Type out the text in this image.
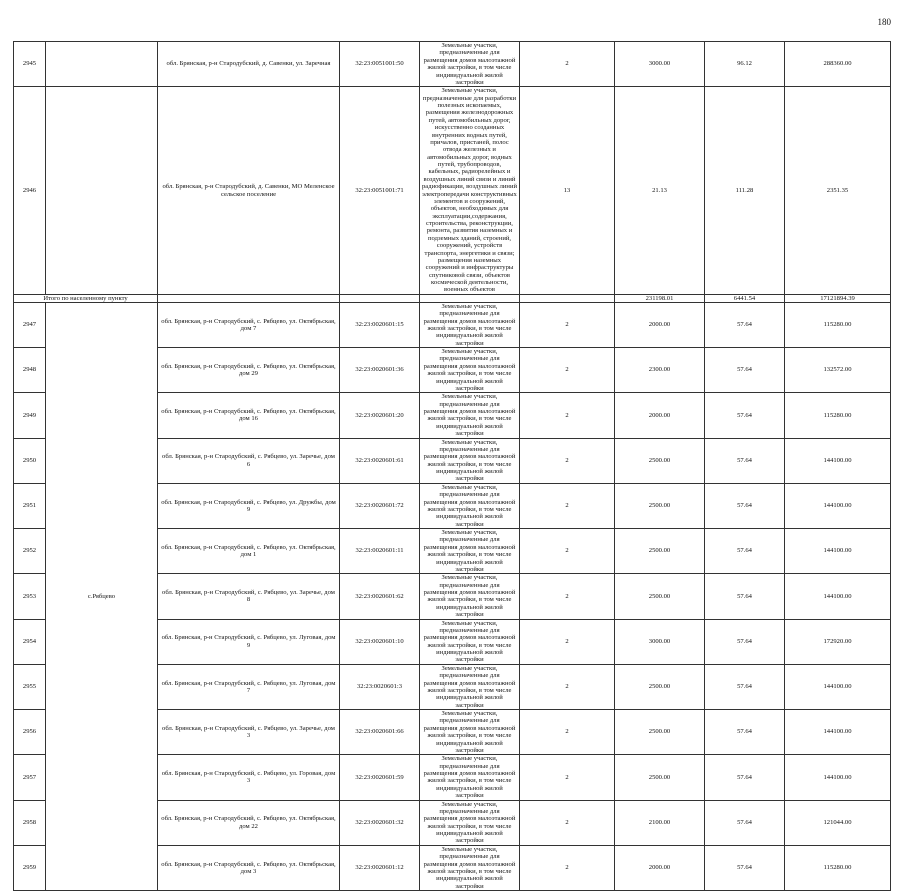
180
2945		обл. Брянская, р-н Стародубский, д. Савенки, ул. Заречная	32:23:0051001:50	Земельные участки, предназначенные для размещения домов малоэтажной жилой застройки, в том числе индивидуальной жилой застройки	2	3000.00	96.12	288360.00
2946		обл. Брянская, р-н Стародубский, д. Савенки, МО Меленское сельское поселение	32:23:0051001:71	Земельные участки, предназначенные для разработки полезных ископаемых, размещения железнодорожных путей, автомобильных дорог, искусственно созданных внутренних водных путей, причалов, пристаней, полос отвода железных и автомобильных дорог, водных путей, трубопроводов, кабельных, радиорелейных и воздушных линий связи и линий радиофикации, воздушных линий электропередачи конструктивных элементов и сооружений, объектов, необходимых для эксплуатации,содержания, строительства, реконструкции, ремонта, развития наземных и подземных зданий, строений, сооружений, устройств транспорта, энергетики и связи; размещения наземных сооружений и инфраструктуры спутниковой связи, объектов космической деятельности, военных объектов	13	21.13	111.28	2351.35
Итого по населенному пункту						231198.01	6441.54	17121894.39
2947	с.Рябцево	обл. Брянская, р-н Стародубский, с. Рябцево, ул. Октябрьская, дом 7	32:23:0020601:15	Земельные участки, предназначенные для размещения домов малоэтажной жилой застройки, в том числе индивидуальной жилой застройки	2	2000.00	57.64	115280.00
2948		обл. Брянская, р-н Стародубский, с. Рябцево, ул. Октябрьская, дом 29	32:23:0020601:36	Земельные участки, предназначенные для размещения домов малоэтажной жилой застройки, в том числе индивидуальной жилой застройки	2	2300.00	57.64	132572.00
2949		обл. Брянская, р-н Стародубский, с. Рябцево, ул. Октябрьская, дом 16	32:23:0020601:20	Земельные участки, предназначенные для размещения домов малоэтажной жилой застройки, в том числе индивидуальной жилой застройки	2	2000.00	57.64	115280.00
2950		обл. Брянская, р-н Стародубский, с. Рябцево, ул. Заречье, дом 6	32:23:0020601:61	Земельные участки, предназначенные для размещения домов малоэтажной жилой застройки, в том числе индивидуальной жилой застройки	2	2500.00	57.64	144100.00
2951		обл. Брянская, р-н Стародубский, с. Рябцево, ул. Дружбы, дом 9	32:23:0020601:72	Земельные участки, предназначенные для размещения домов малоэтажной жилой застройки, в том числе индивидуальной жилой застройки	2	2500.00	57.64	144100.00
2952		обл. Брянская, р-н Стародубский, с. Рябцево, ул. Октябрьская, дом 1	32:23:0020601:11	Земельные участки, предназначенные для размещения домов малоэтажной жилой застройки, в том числе индивидуальной жилой застройки	2	2500.00	57.64	144100.00
2953		обл. Брянская, р-н Стародубский, с. Рябцево, ул. Заречье, дом 8	32:23:0020601:62	Земельные участки, предназначенные для размещения домов малоэтажной жилой застройки, в том числе индивидуальной жилой застройки	2	2500.00	57.64	144100.00
2954		обл. Брянская, р-н Стародубский, с. Рябцево, ул. Луговая, дом 9	32:23:0020601:10	Земельные участки, предназначенные для размещения домов малоэтажной жилой застройки, в том числе индивидуальной жилой застройки	2	3000.00	57.64	172920.00
2955		обл. Брянская, р-н Стародубский, с. Рябцево, ул. Луговая, дом 7	32:23:0020601:3	Земельные участки, предназначенные для размещения домов малоэтажной жилой застройки, в том числе индивидуальной жилой застройки	2	2500.00	57.64	144100.00
2956		обл. Брянская, р-н Стародубский, с. Рябцево, ул. Заречье, дом 3	32:23:0020601:66	Земельные участки, предназначенные для размещения домов малоэтажной жилой застройки, в том числе индивидуальной жилой застройки	2	2500.00	57.64	144100.00
2957		обл. Брянская, р-н Стародубский, с. Рябцево, ул. Горовая, дом 3	32:23:0020601:59	Земельные участки, предназначенные для размещения домов малоэтажной жилой застройки, в том числе индивидуальной жилой застройки	2	2500.00	57.64	144100.00
2958		обл. Брянская, р-н Стародубский, с. Рябцево, ул. Октябрьская, дом 22	32:23:0020601:32	Земельные участки, предназначенные для размещения домов малоэтажной жилой застройки, в том числе индивидуальной жилой застройки	2	2100.00	57.64	121044.00
2959		обл. Брянская, р-н Стародубский, с. Рябцево, ул. Октябрьская, дом 3	32:23:0020601:12	Земельные участки, предназначенные для размещения домов малоэтажной жилой застройки, в том числе индивидуальной жилой застройки	2	2000.00	57.64	115280.00
